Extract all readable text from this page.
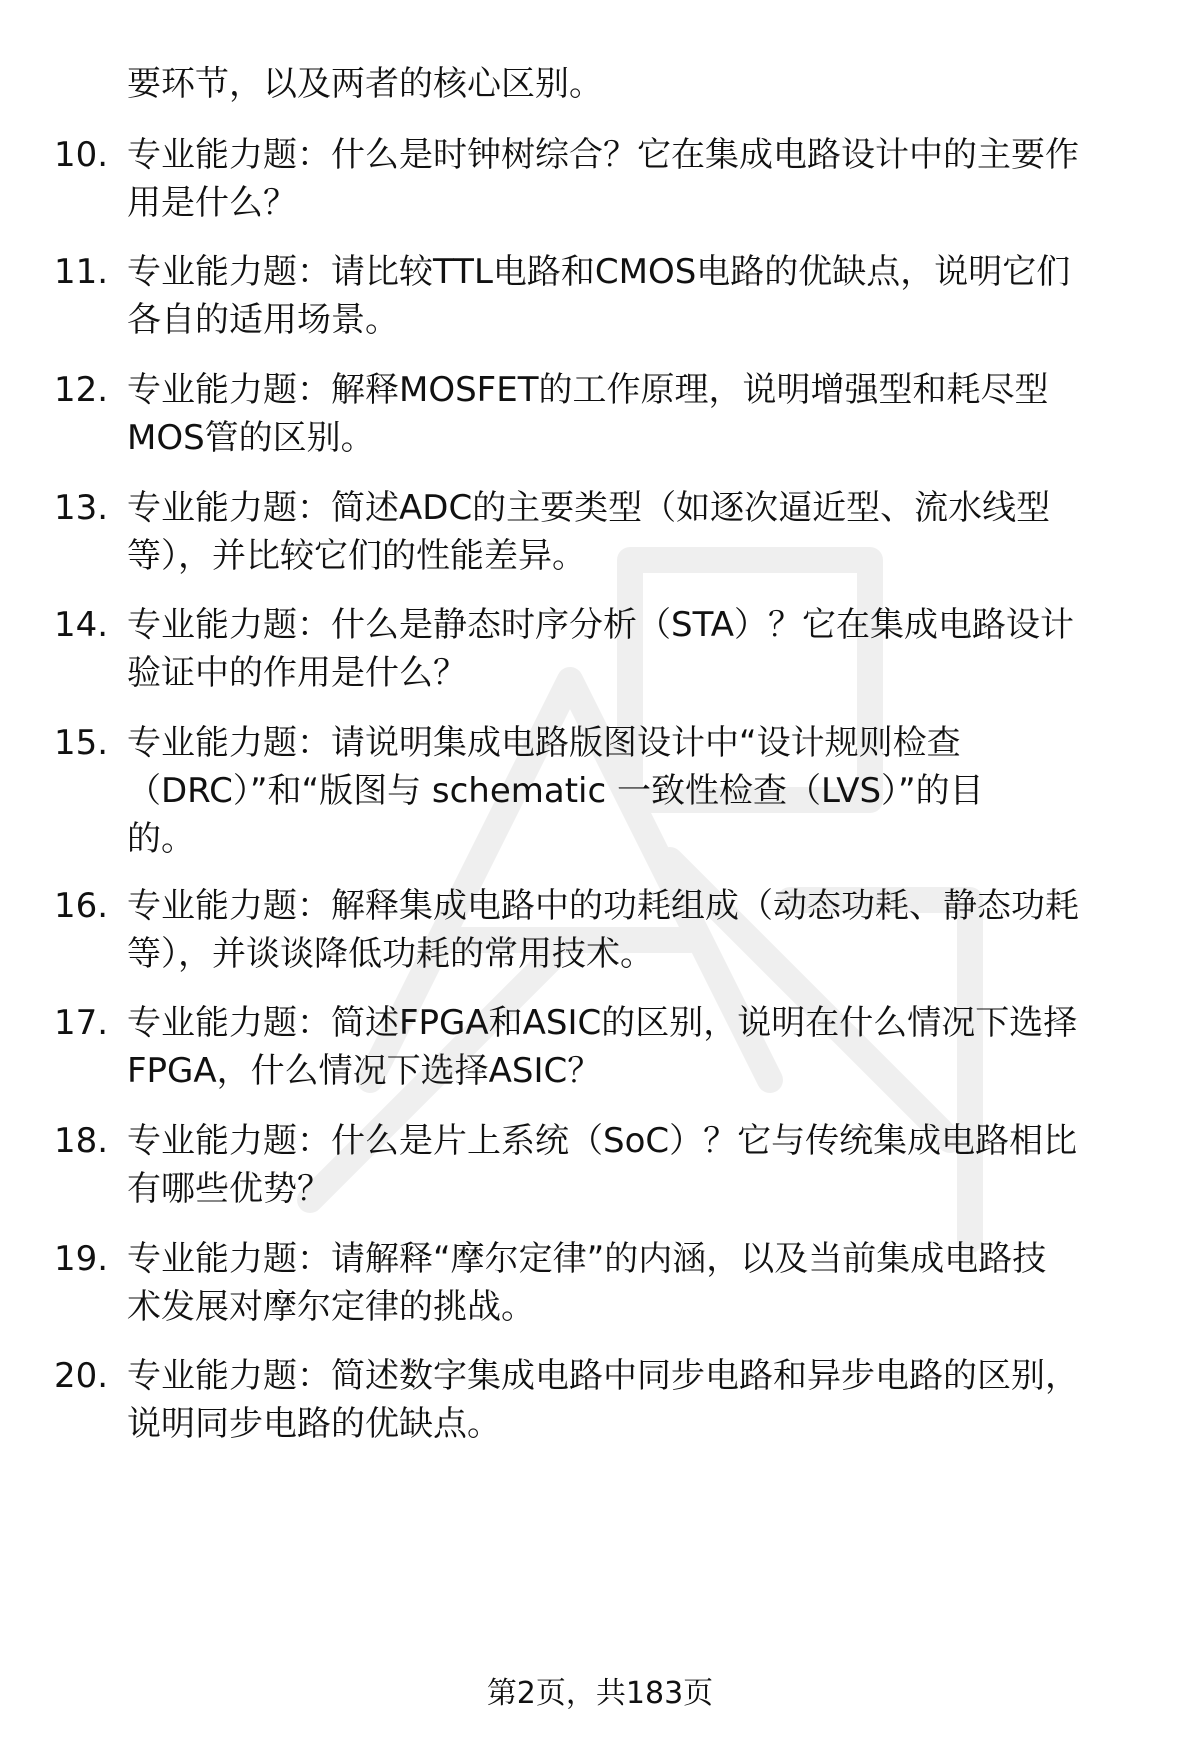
要环节，以及两者的核心区别。
10. 专业能力题：什么是时钟树综合？它在集成电路设计中的主要作
用是什么？
11. 专业能力题：请比较TTL电路和CMOS电路的优缺点，说明它们
各自的适用场景。
12. 专业能力题：解释MOSFET的工作原理，说明增强型和耗尽型
MOS管的区别。
13. 专业能力题：简述ADC的主要类型（如逐次逼近型、流水线型
等），并比较它们的性能差异。
14. 专业能力题：什么是静态时序分析（STA）？它在集成电路设计
验证中的作用是什么？
15. 专业能力题：请说明集成电路版图设计中“设计规则检查
（DRC）”和“版图与 schematic 一致性检查（LVS）”的目
的。
16. 专业能力题：解释集成电路中的功耗组成（动态功耗、静态功耗
等），并谈谈降低功耗的常用技术。
17. 专业能力题：简述FPGA和ASIC的区别，说明在什么情况下选择
FPGA，什么情况下选择ASIC？
18. 专业能力题：什么是片上系统（SoC）？它与传统集成电路相比
有哪些优势？
19. 专业能力题：请解释“摩尔定律”的内涵，以及当前集成电路技
术发展对摩尔定律的挑战。
20. 专业能力题：简述数字集成电路中同步电路和异步电路的区别，
说明同步电路的优缺点。
第2页，共183页
